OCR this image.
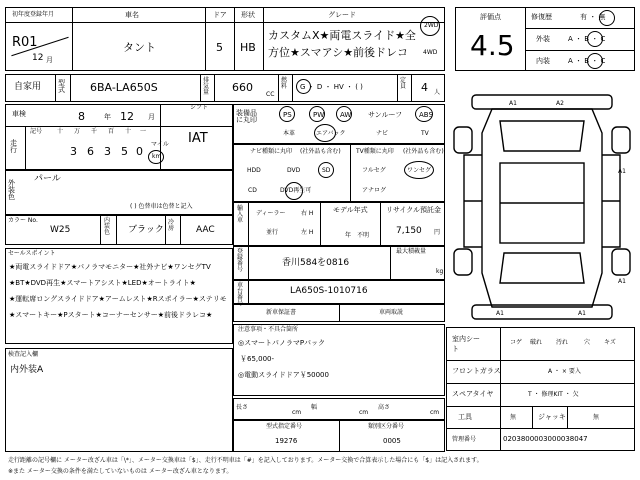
初年度登録年月
R01
12 月
車名
タント
ドア
5
形状
HB
グレード
カスタムX★両電スライド★全
方位★スマアシ★前後ドレコ
2WD
4WD
評価点
4.5
修復歴	有 ・ 無
外装	A ・ B ・ C
内装	A ・ B ・ C
自家用 型式 6BA-LA650S
排気量 660
CC
燃料 G ・ D ・ HV ・ ( )
定員 4 人
車検	8	年 12 月
シフト
IAT
走行
記号 十 万 千 百 十 一
3 6 3 5 0
マイル
km
外装色
パール
( ) 色替車は色替と記入
カラー No.
W25
内装色 ブラック
冷房 AAC
セールスポイント
★両電スライドドア★パノラマモニター★社外ナビ★ワンセグTV
★BT★DVD再生★スマートアシスト★LED★オートライト★
★運転席ロングスライドドア★アームレスト★Rスポイラー★ステリモ
★スマートキー★Pスタート★コーナーセンサー★前後ドラレコ★
検査記入欄
内外装A
装備品に丸印
PS	PW AW サンルーフ ABS
本革	エアバック	ナビ	TV
ナビ種類に丸印 (社外品も含む)
HDD	DVD	SD
CD	DVD再生可
TV種類に丸印 (社外品も含む)
フルセグ	ワンセグ
アナログ
輸入車
ディーラー
並行
右 H
左 H
モデル年式
年　不明
リサイクル預託金
7,150 円
登録番号
香川584を0816
最大積載量
kg
車台番号
LA650S-1010716
新車保証書	車両取説
注意事項・不具合箇所
◎スマートパノラマPパック
￥65,000-
◎電動スライドドア￥50000
長さ
cm
幅
cm
高さ
cm
型式指定番号
19276
類別区分番号
0005
A1	A2
A1	A1
A1
A1
室内シート
コゲ 破れ 汚れ	穴 キズ
フロントガラス	A ・ × 要入
スペアタイヤ	T ・ 修理KIT ・ 欠
工具	無	ジャッキ	無
管理番号	0203800003000038047
走行距離の記号欄に メーター改ざん車は「\*」、メーター交換車は「$」、走行不明車は「#」を記入しております。メーター交換で合算表示した場合にも「$」は記入されます。
※また メーター交換の条件を満たしていないものは メーター改ざん車となります。
